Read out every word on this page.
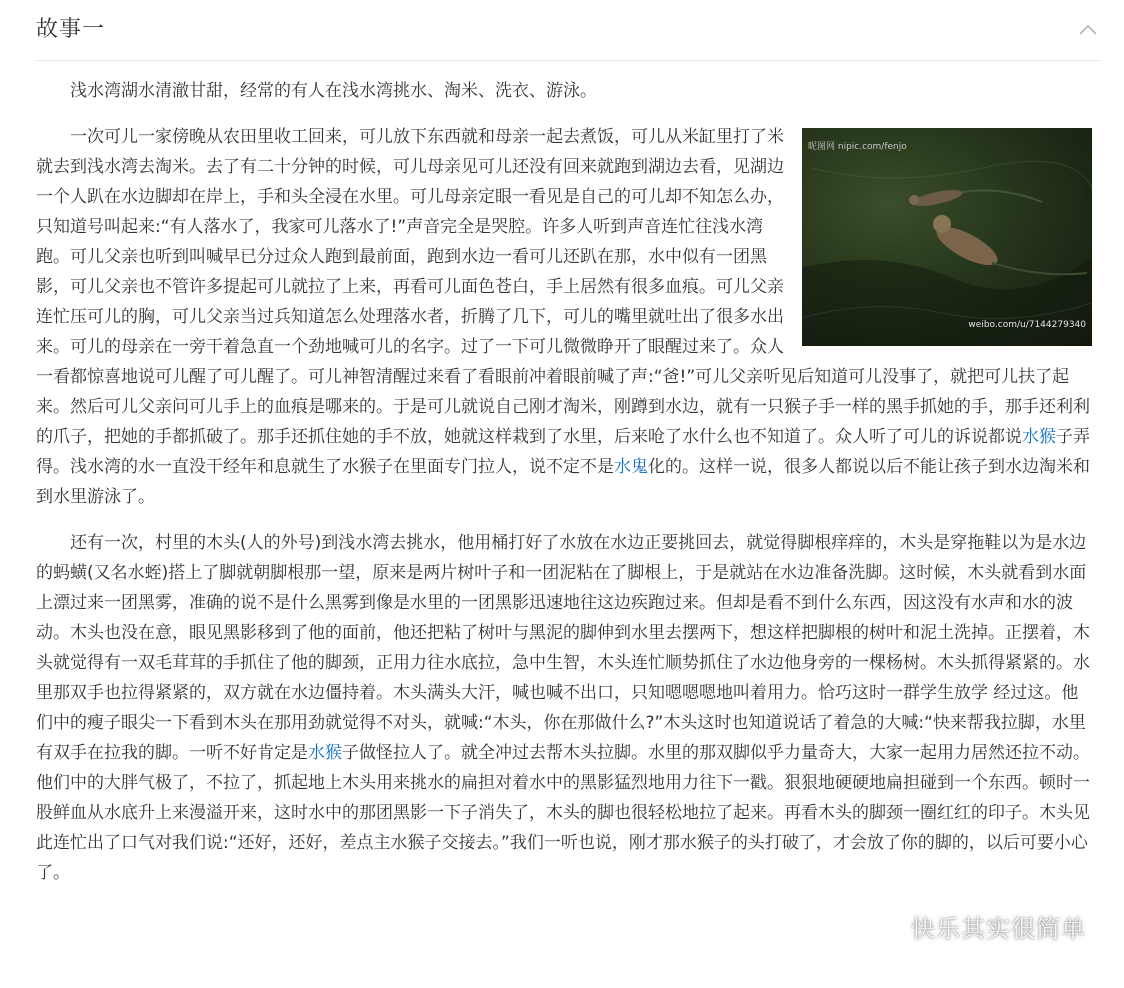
故事一

浅水湾湖水清澈甘甜，经常的有人在浅水湾挑水、淘米、洗衣、游泳。

昵图网 nipic.com/fenjo
weibo.com/u/7144279340
一次可儿一家傍晚从农田里收工回来，可儿放下东西就和母亲一起去煮饭，可儿从米缸里打了米就去到浅水湾去淘米。去了有二十分钟的时候，可儿母亲见可儿还没有回来就跑到湖边去看，见湖边一个人趴在水边脚却在岸上，手和头全浸在水里。可儿母亲定眼一看见是自己的可儿却不知怎么办，只知道号叫起来:“有人落水了，我家可儿落水了!”声音完全是哭腔。许多人听到声音连忙往浅水湾跑。可儿父亲也听到叫喊早已分过众人跑到最前面，跑到水边一看可儿还趴在那，水中似有一团黑影，可儿父亲也不管许多提起可儿就拉了上来，再看可儿面色苍白，手上居然有很多血痕。可儿父亲连忙压可儿的胸，可儿父亲当过兵知道怎么处理落水者，折腾了几下，可儿的嘴里就吐出了很多水出来。可儿的母亲在一旁干着急直一个劲地喊可儿的名字。过了一下可儿微微睁开了眼醒过来了。众人一看都惊喜地说可儿醒了可儿醒了。可儿神智清醒过来看了看眼前冲着眼前喊了声:“爸!”可儿父亲听见后知道可儿没事了，就把可儿扶了起来。然后可儿父亲问可儿手上的血痕是哪来的。于是可儿就说自己刚才淘米，刚蹲到水边，就有一只猴子手一样的黑手抓她的手，那手还利利的爪子，把她的手都抓破了。那手还抓住她的手不放，她就这样栽到了水里，后来呛了水什么也不知道了。众人听了可儿的诉说都说水猴子弄得。浅水湾的水一直没干经年和息就生了水猴子在里面专门拉人，说不定不是水鬼化的。这样一说，很多人都说以后不能让孩子到水边淘米和到水里游泳了。

还有一次，村里的木头(人的外号)到浅水湾去挑水，他用桶打好了水放在水边正要挑回去，就觉得脚根痒痒的，木头是穿拖鞋以为是水边的蚂蟥(又名水蛭)搭上了脚就朝脚根那一望，原来是两片树叶子和一团泥粘在了脚根上，于是就站在水边准备洗脚。这时候，木头就看到水面上漂过来一团黑雾，准确的说不是什么黑雾到像是水里的一团黑影迅速地往这边疾跑过来。但却是看不到什么东西，因这没有水声和水的波动。木头也没在意，眼见黑影移到了他的面前，他还把粘了树叶与黑泥的脚伸到水里去摆两下，想这样把脚根的树叶和泥土洗掉。正摆着，木头就觉得有一双毛茸茸的手抓住了他的脚颈，正用力往水底拉，急中生智，木头连忙顺势抓住了水边他身旁的一棵杨树。木头抓得紧紧的。水里那双手也拉得紧紧的，双方就在水边僵持着。木头满头大汗，喊也喊不出口，只知嗯嗯嗯地叫着用力。恰巧这时一群学生放学 经过这。他们中的瘦子眼尖一下看到木头在那用劲就觉得不对头，就喊:“木头，你在那做什么?”木头这时也知道说话了着急的大喊:“快来帮我拉脚，水里有双手在拉我的脚。一听不好肯定是水猴子做怪拉人了。就全冲过去帮木头拉脚。水里的那双脚似乎力量奇大，大家一起用力居然还拉不动。他们中的大胖气极了，不拉了，抓起地上木头用来挑水的扁担对着水中的黑影猛烈地用力往下一戳。狠狠地硬硬地扁担碰到一个东西。顿时一股鲜血从水底升上来漫溢开来，这时水中的那团黑影一下子消失了，木头的脚也很轻松地拉了起来。再看木头的脚颈一圈红红的印子。木头见此连忙出了口气对我们说:“还好，还好，差点主水猴子交接去。”我们一听也说，刚才那水猴子的头打破了，才会放了你的脚的，以后可要小心了。

快乐其实很简单
